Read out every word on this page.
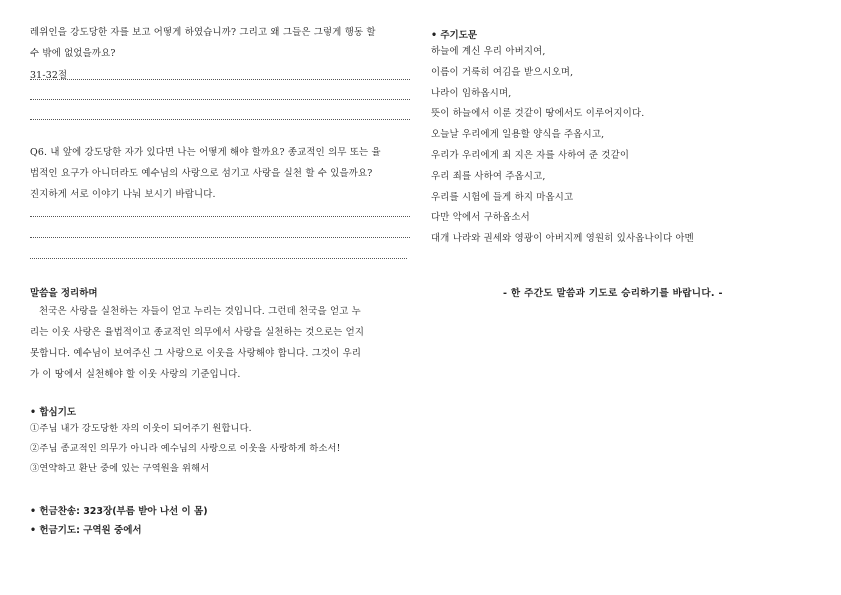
레위인을 강도당한 자를 보고 어떻게 하였습니까? 그리고 왜 그들은 그렇게 행동 할

수 밖에 없었을까요?

31-32절

Q6. 내 앞에 강도당한 자가 있다면 나는 어떻게 해야 할까요? 종교적인 의무 또는 율

법적인 요구가 아니더라도 예수님의 사랑으로 섬기고 사랑을 실천 할 수 있을까요?

진지하게 서로 이야기 나눠 보시기 바랍니다.

말씀을 정리하며

천국은 사랑을 실천하는 자들이 얻고 누리는 것입니다. 그런데 천국을 얻고 누

리는 이웃 사랑은 율법적이고 종교적인 의무에서 사랑을 실천하는 것으로는 얻지

못합니다. 예수님이 보여주신 그 사랑으로 이웃을 사랑해야 합니다. 그것이 우리

가 이 땅에서 실천해야 할 이웃 사랑의 기준입니다.

• 합심기도

①주님 내가 강도당한 자의 이웃이 되어주기 원합니다.

②주님 종교적인 의무가 아니라 예수님의 사랑으로 이웃을 사랑하게 하소서!

③연약하고 환난 중에 있는 구역원을 위해서

• 헌금찬송: 323장(부름 받아 나선 이 몸)
• 헌금기도: 구역원 중에서
• 주기도문

하늘에 계신 우리 아버지여,

이름이 거룩히 여김을 받으시오며,

나라이 임하옵시며,

뜻이 하늘에서 이룬 것같이 땅에서도 이루어지이다.

오늘날 우리에게 일용할 양식을 주옵시고,

우리가 우리에게 죄 지은 자를 사하여 준 것같이

우리 죄를 사하여 주옵시고,

우리를 시험에 들게 하지 마옵시고

다만 악에서 구하옵소서

대개 나라와 권세와 영광이 아버지께 영원히 있사옵나이다 아멘

- 한 주간도 말씀과 기도로 승리하기를 바랍니다. -
